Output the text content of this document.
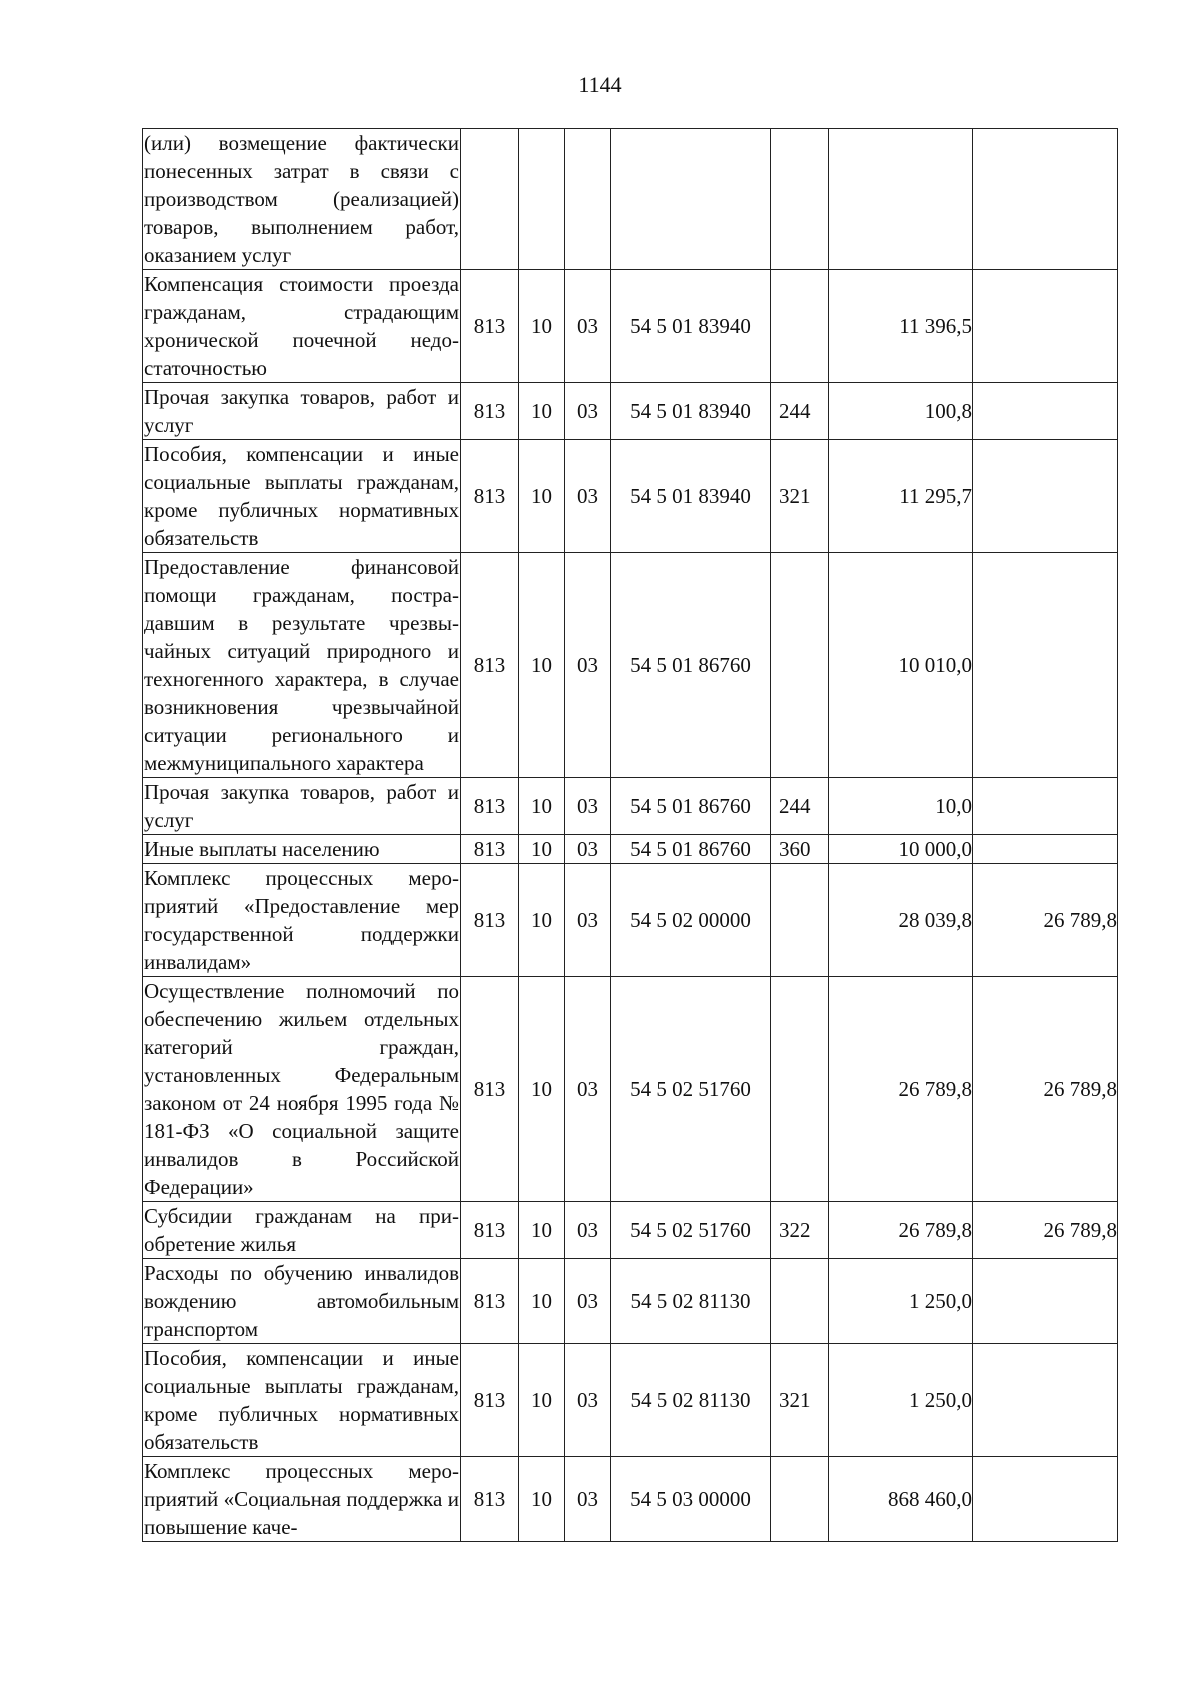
1144
(или) возмещение фактически понесенных затрат в связи с производством (реализацией) товаров, выполнением работ, оказанием услуг							
Компенсация стоимости проезда гражданам, страдающим хронической почечной недостаточностью	813	10	03	54 5 01 83940		11 396,5	
Прочая закупка товаров, работ и услуг	813	10	03	54 5 01 83940	244	100,8	
Пособия, компенсации и иные социальные выплаты гражданам, кроме публичных нормативных обязательств	813	10	03	54 5 01 83940	321	11 295,7	
Предоставление финансовой помощи гражданам, пострадавшим в результате чрезвычайных ситуаций природного и техногенного характера, в случае возникновения чрезвычайной ситуации регионального и межмуниципального характера	813	10	03	54 5 01 86760		10 010,0	
Прочая закупка товаров, работ и услуг	813	10	03	54 5 01 86760	244	10,0	
Иные выплаты населению	813	10	03	54 5 01 86760	360	10 000,0	
Комплекс процессных мероприятий «Предоставление мер государственной поддержки инвалидам»	813	10	03	54 5 02 00000		28 039,8	26 789,8
Осуществление полномочий по обеспечению жильем отдельных категорий граждан, установленных Федеральным законом от 24 ноября 1995 года № 181-ФЗ «О социальной защите инвалидов в Российской Федерации»	813	10	03	54 5 02 51760		26 789,8	26 789,8
Субсидии гражданам на приобретение жилья	813	10	03	54 5 02 51760	322	26 789,8	26 789,8
Расходы по обучению инвалидов вождению автомобильным транспортом	813	10	03	54 5 02 81130		1 250,0	
Пособия, компенсации и иные социальные выплаты гражданам, кроме публичных нормативных обязательств	813	10	03	54 5 02 81130	321	1 250,0	
Комплекс процессных мероприятий «Социальная поддержка и повышение каче-	813	10	03	54 5 03 00000		868 460,0	
